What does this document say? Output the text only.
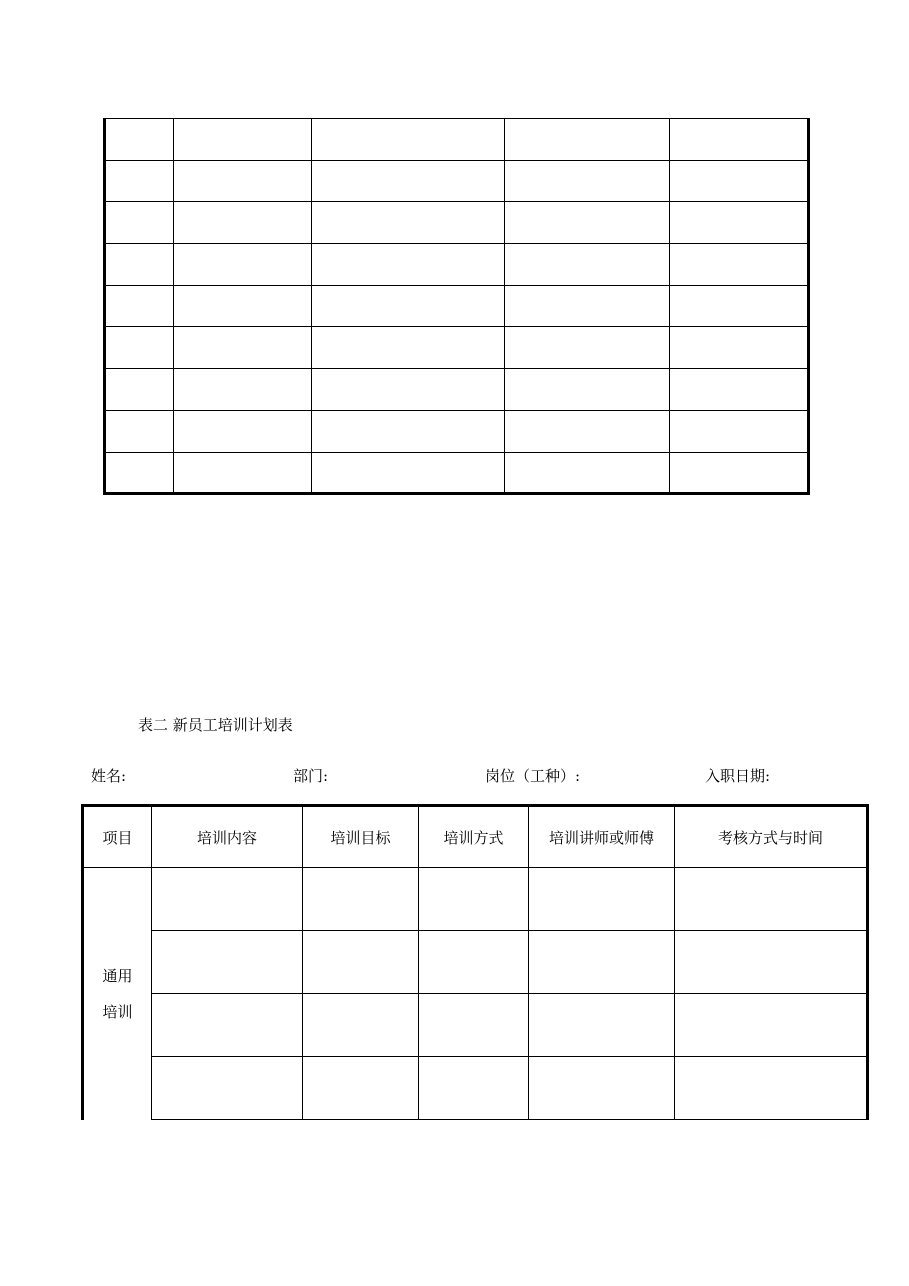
表二 新员工培训计划表
姓名:	部门:	岗位（工种）:	入职日期:
项目	培训内容	培训目标	培训方式	培训讲师或师傅	考核方式与时间

通用
培训					
